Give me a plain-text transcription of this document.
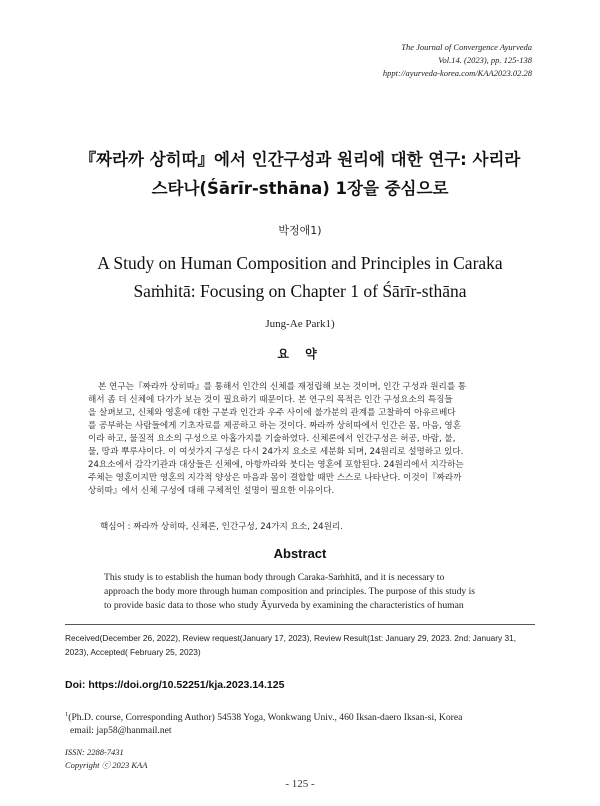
The Journal of Convergence Ayurveda
Vol.14. (2023), pp. 125-138
hppt://ayurveda-korea.com/KAA2023.02.28
『짜라까 상히따』에서 인간구성과 원리에 대한 연구: 사리라
스타나(Śārīr-sthāna) 1장을 중심으로
박정애1)
A Study on Human Composition and Principles in Caraka
Saṁhitā: Focusing on Chapter 1 of Śārīr-sthāna
Jung-Ae Park1)
요 약
본 연구는『짜라까 상히따』를 통해서 인간의 신체를 재정립해 보는 것이며, 인간 구성과 원리를 통
해서 좀 더 신체에 다가가 보는 것이 필요하기 때문이다. 본 연구의 목적은 인간 구성요소의 특징들
을 살펴보고, 신체와 영혼에 대한 구분과 인간과 우주 사이에 불가분의 관계를 고찰하여 아유르베다
를 공부하는 사람들에게 기초자료를 제공하고 하는 것이다. 짜라까 상히따에서 인간은 몸, 마음, 영혼
이라 하고, 물질적 요소의 구성으로 아홉가지를 기술하였다. 신체론에서 인간구성은 허공, 바람, 불,
물, 땅과 뿌루샤이다. 이 여섯가지 구성은 다시 24가지 요소로 세분화 되며, 24원리로 설명하고 있다.
24요소에서 감각기관과 대상들은 신체에, 아항까라와 붓디는 영혼에 포함된다. 24원리에서 지각하는
주체는 영혼이지만 영혼의 지각적 양상은 마음과 몸이 결합할 때만 스스로 나타난다. 이것이『짜라까
상히따』에서 신체 구성에 대해 구체적인 설명이 필요한 이유이다.
핵심어 : 짜라까 상히따, 신체론, 인간구성, 24가지 요소, 24원리.
Abstract
This study is to establish the human body through Caraka-Saṁhitā, and it is necessary to
approach the body more through human composition and principles. The purpose of this study is
to provide basic data to those who study Āyurveda by examining the characteristics of human
Received(December 26, 2022), Review request(January 17, 2023), Review Result(1st: January 29, 2023. 2nd: January 31,
2023), Accepted( February 25, 2023)
Doi: https://doi.org/10.52251/kja.2023.14.125
$^1$(Ph.D. course, Corresponding Author) 54538 Yoga, Wonkwang Univ., 460 Iksan-daero Iksan-si, Korea
email: jap58@hanmail.net
ISSN: 2288-7431
Copyright ⓒ 2023 KAA
- 125 -
